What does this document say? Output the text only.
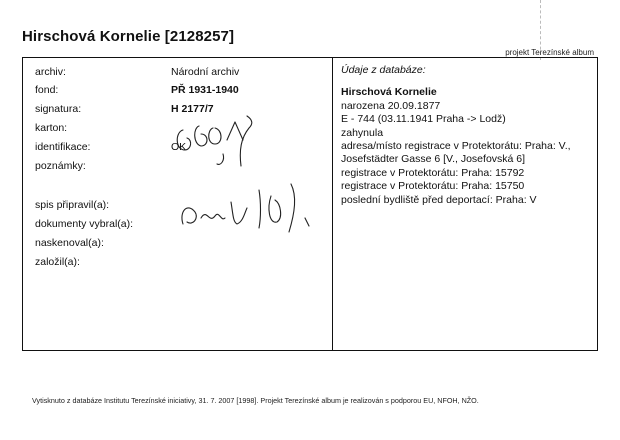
Hirschová Kornelie [2128257]
projekt Terezínské album
archiv:	Národní archiv
fond:	PŘ 1931-1940
signatura:	H 2177/7
karton:
identifikace:	OK
poznámky:
spis připravil(a):
dokumenty vybral(a):
naskenoval(a):
založil(a):
Údaje z databáze:
Hirschová Kornelie
narozena 20.09.1877
E - 744 (03.11.1941 Praha -> Lodž)
zahynula
adresa/místo registrace v Protektorátu: Praha: V.,
Josefstädter Gasse 6 [V., Josefovská 6]
registrace v Protektorátu: Praha: 15792
registrace v Protektorátu: Praha: 15750
poslední bydliště před deportací: Praha: V
Vytisknuto z databáze Institutu Terezínské iniciativy, 31. 7. 2007 [1998]. Projekt Terezínské album je realizován s podporou EU, NFOH, NŽO.
